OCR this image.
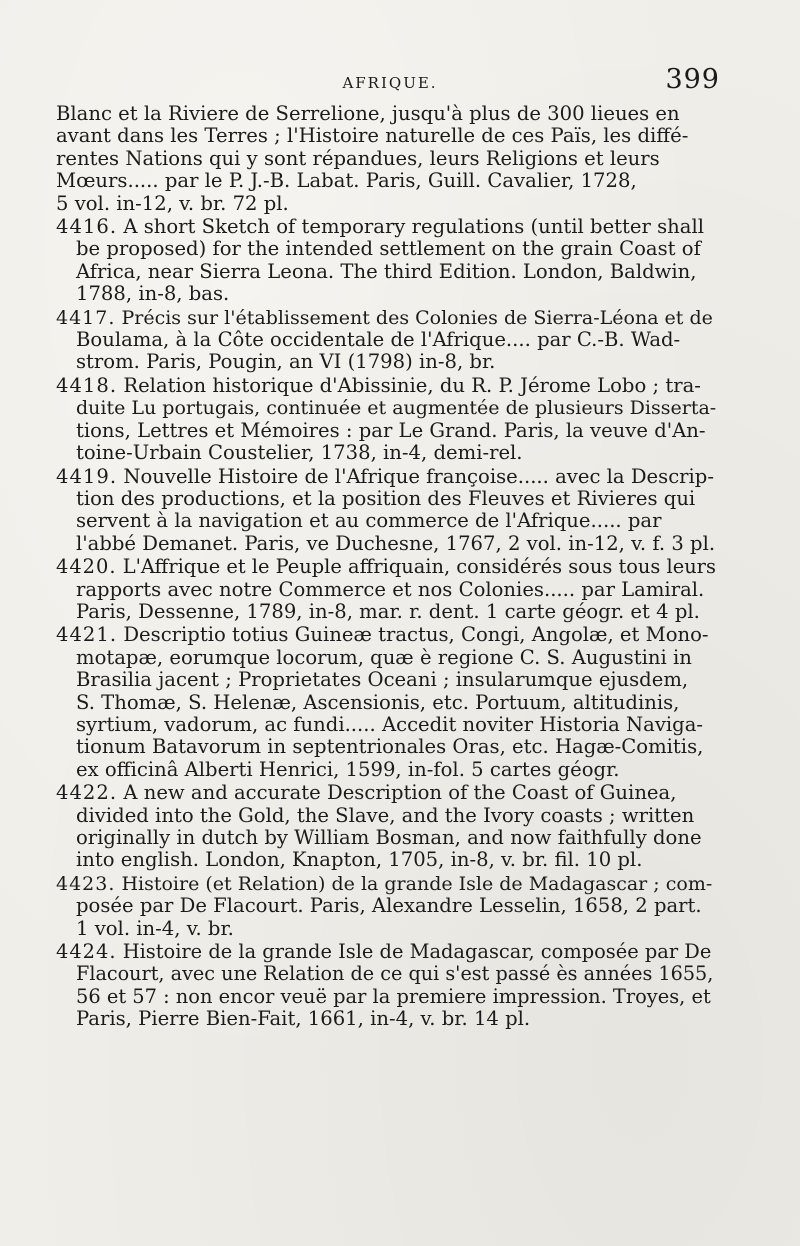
AFRIQUE.	399

Blanc et la Riviere de Serrelione, jusqu'à plus de 300 lieues en
avant dans les Terres ; l'Histoire naturelle de ces Païs, les diffé-
rentes Nations qui y sont répandues, leurs Religions et leurs
Mœurs..... par le P. J.-B. Labat. Paris, Guill. Cavalier, 1728,
5 vol. in-12, v. br. 72 pl.

4416. A short Sketch of temporary regulations (until better shall
be proposed) for the intended settlement on the grain Coast of
Africa, near Sierra Leona. The third Edition. London, Baldwin,
1788, in-8, bas.

4417. Précis sur l'établissement des Colonies de Sierra-Léona et de
Boulama, à la Côte occidentale de l'Afrique.... par C.-B. Wad-
strom. Paris, Pougin, an VI (1798) in-8, br.

4418. Relation historique d'Abissinie, du R. P. Jérome Lobo ; tra-
duite Lu portugais, continuée et augmentée de plusieurs Disserta-
tions, Lettres et Mémoires : par Le Grand. Paris, la veuve d'An-
toine-Urbain Coustelier, 1738, in-4, demi-rel.

4419. Nouvelle Histoire de l'Afrique françoise..... avec la Descrip-
tion des productions, et la position des Fleuves et Rivieres qui
servent à la navigation et au commerce de l'Afrique..... par
l'abbé Demanet. Paris, ve Duchesne, 1767, 2 vol. in-12, v. f. 3 pl.

4420. L'Affrique et le Peuple affriquain, considérés sous tous leurs
rapports avec notre Commerce et nos Colonies..... par Lamiral.
Paris, Dessenne, 1789, in-8, mar. r. dent. 1 carte géogr. et 4 pl.

4421. Descriptio totius Guineæ tractus, Congi, Angolæ, et Mono-
motapæ, eorumque locorum, quæ è regione C. S. Augustini in
Brasilia jacent ; Proprietates Oceani ; insularumque ejusdem,
S. Thomæ, S. Helenæ, Ascensionis, etc. Portuum, altitudinis,
syrtium, vadorum, ac fundi..... Accedit noviter Historia Naviga-
tionum Batavorum in septentrionales Oras, etc. Hagæ-Comitis,
ex officinâ Alberti Henrici, 1599, in-fol. 5 cartes géogr.

4422. A new and accurate Description of the Coast of Guinea,
divided into the Gold, the Slave, and the Ivory coasts ; written
originally in dutch by William Bosman, and now faithfully done
into english. London, Knapton, 1705, in-8, v. br. fil. 10 pl.

4423. Histoire (et Relation) de la grande Isle de Madagascar ; com-
posée par De Flacourt. Paris, Alexandre Lesselin, 1658, 2 part.
1 vol. in-4, v. br.

4424. Histoire de la grande Isle de Madagascar, composée par De
Flacourt, avec une Relation de ce qui s'est passé ès années 1655,
56 et 57 : non encor veuë par la premiere impression. Troyes, et
Paris, Pierre Bien-Fait, 1661, in-4, v. br. 14 pl.
